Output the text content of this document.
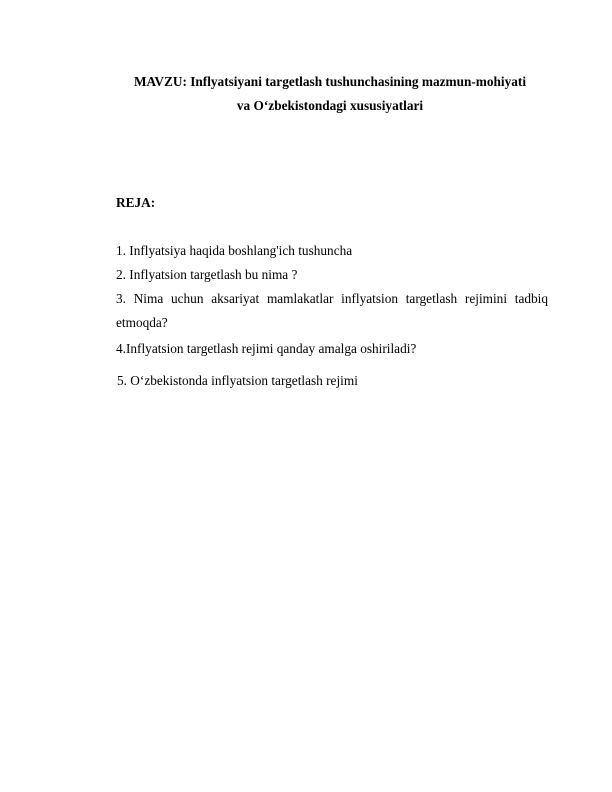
MAVZU: Inflyatsiyani targetlash tushunchasining mazmun-mohiyati
va O‘zbekistondagi xususiyatlari
REJA:
1. Inflyatsiya haqida boshlang'ich tushuncha
2. Inflyatsion targetlash bu nima ?
3. Nima uchun aksariyat mamlakatlar inflyatsion targetlash rejimini tadbiq etmoqda?
4.Inflyatsion targetlash rejimi qanday amalga oshiriladi?
5. O‘zbekistonda inflyatsion targetlash rejimi
